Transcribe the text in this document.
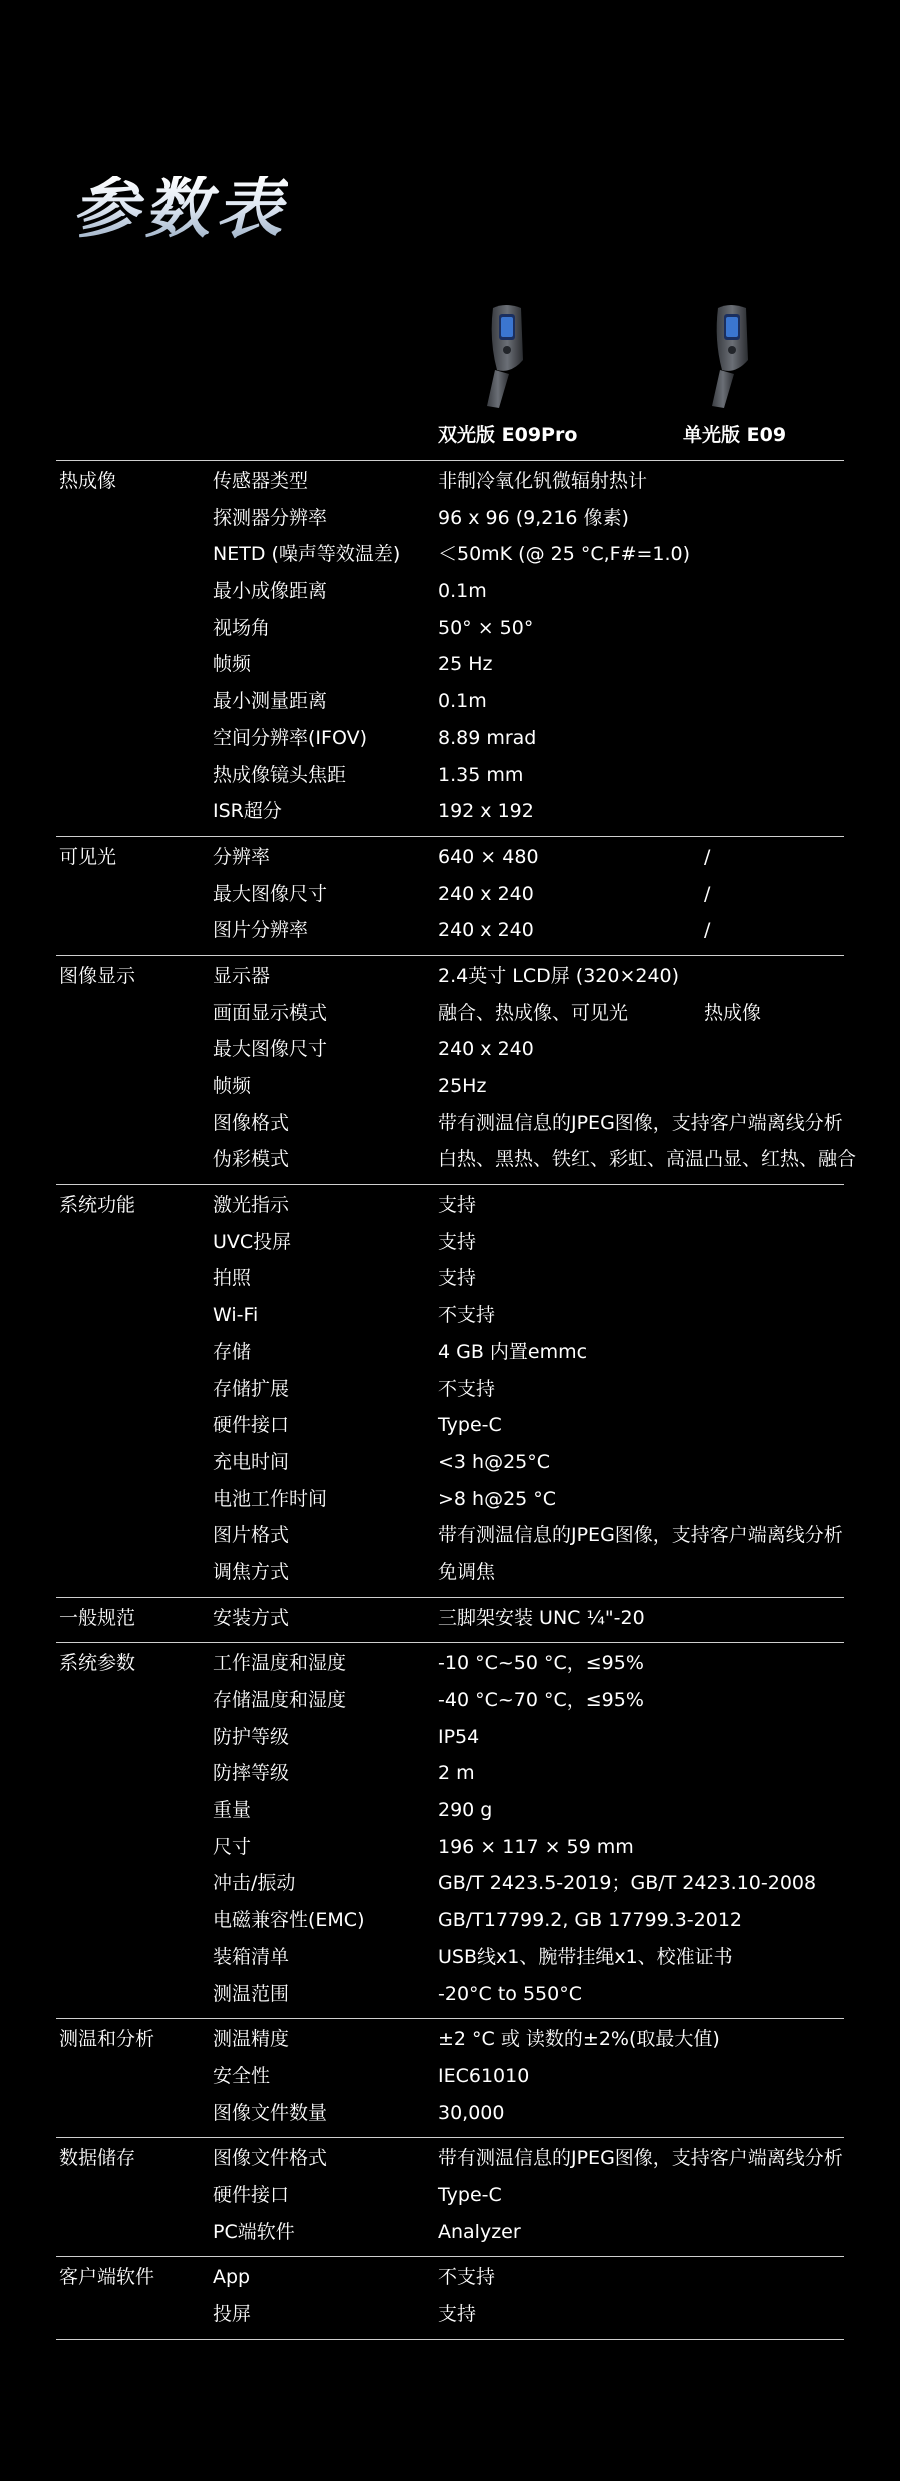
参数表
双光版 E09Pro	单光版 E09
热成像	传感器类型	非制冷氧化钒微辐射热计
探测器分辨率	96 x 96 (9,216 像素)
NETD (噪声等效温差) ＜50mK (@ 25 °C,F#=1.0)
最小成像距离	0.1m
视场角	50° × 50°
帧频	25 Hz
最小测量距离	0.1m
空间分辨率(IFOV)	8.89 mrad
热成像镜头焦距	1.35 mm
ISR超分	192 x 192
可见光	分辨率	640 × 480	/
最大图像尺寸	240 x 240	/
图片分辨率	240 x 240	/
图像显示	显示器	2.4英寸 LCD屏 (320×240)
画面显示模式	融合、热成像、可见光	热成像
最大图像尺寸	240 x 240
帧频	25Hz
图像格式	带有测温信息的JPEG图像，支持客户端离线分析
伪彩模式	白热、黑热、铁红、彩虹、高温凸显、红热、融合
系统功能	激光指示	支持
UVC投屏	支持
拍照	支持
Wi-Fi	不支持
存储	4 GB 内置emmc
存储扩展	不支持
硬件接口	Type-C
充电时间	<3 h@25°C
电池工作时间	>8 h@25 °C
图片格式	带有测温信息的JPEG图像，支持客户端离线分析
调焦方式	免调焦
一般规范	安装方式	三脚架安装 UNC ¼"-20
系统参数	工作温度和湿度	-10 °C~50 °C，≤95%
存储温度和湿度	-40 °C~70 °C，≤95%
防护等级	IP54
防摔等级	2 m
重量	290 g
尺寸	196 × 117 × 59 mm
冲击/振动	GB/T 2423.5-2019；GB/T 2423.10-2008
电磁兼容性(EMC)	GB/T17799.2, GB 17799.3-2012
装箱清单	USB线x1、腕带挂绳x1、校准证书
测温范围	-20°C to 550°C
测温和分析	测温精度	±2 °C 或 读数的±2%(取最大值)
安全性	IEC61010
图像文件数量	30,000
数据储存	图像文件格式	带有测温信息的JPEG图像，支持客户端离线分析
硬件接口	Type-C
PC端软件	Analyzer
客户端软件	App	不支持
投屏	支持
